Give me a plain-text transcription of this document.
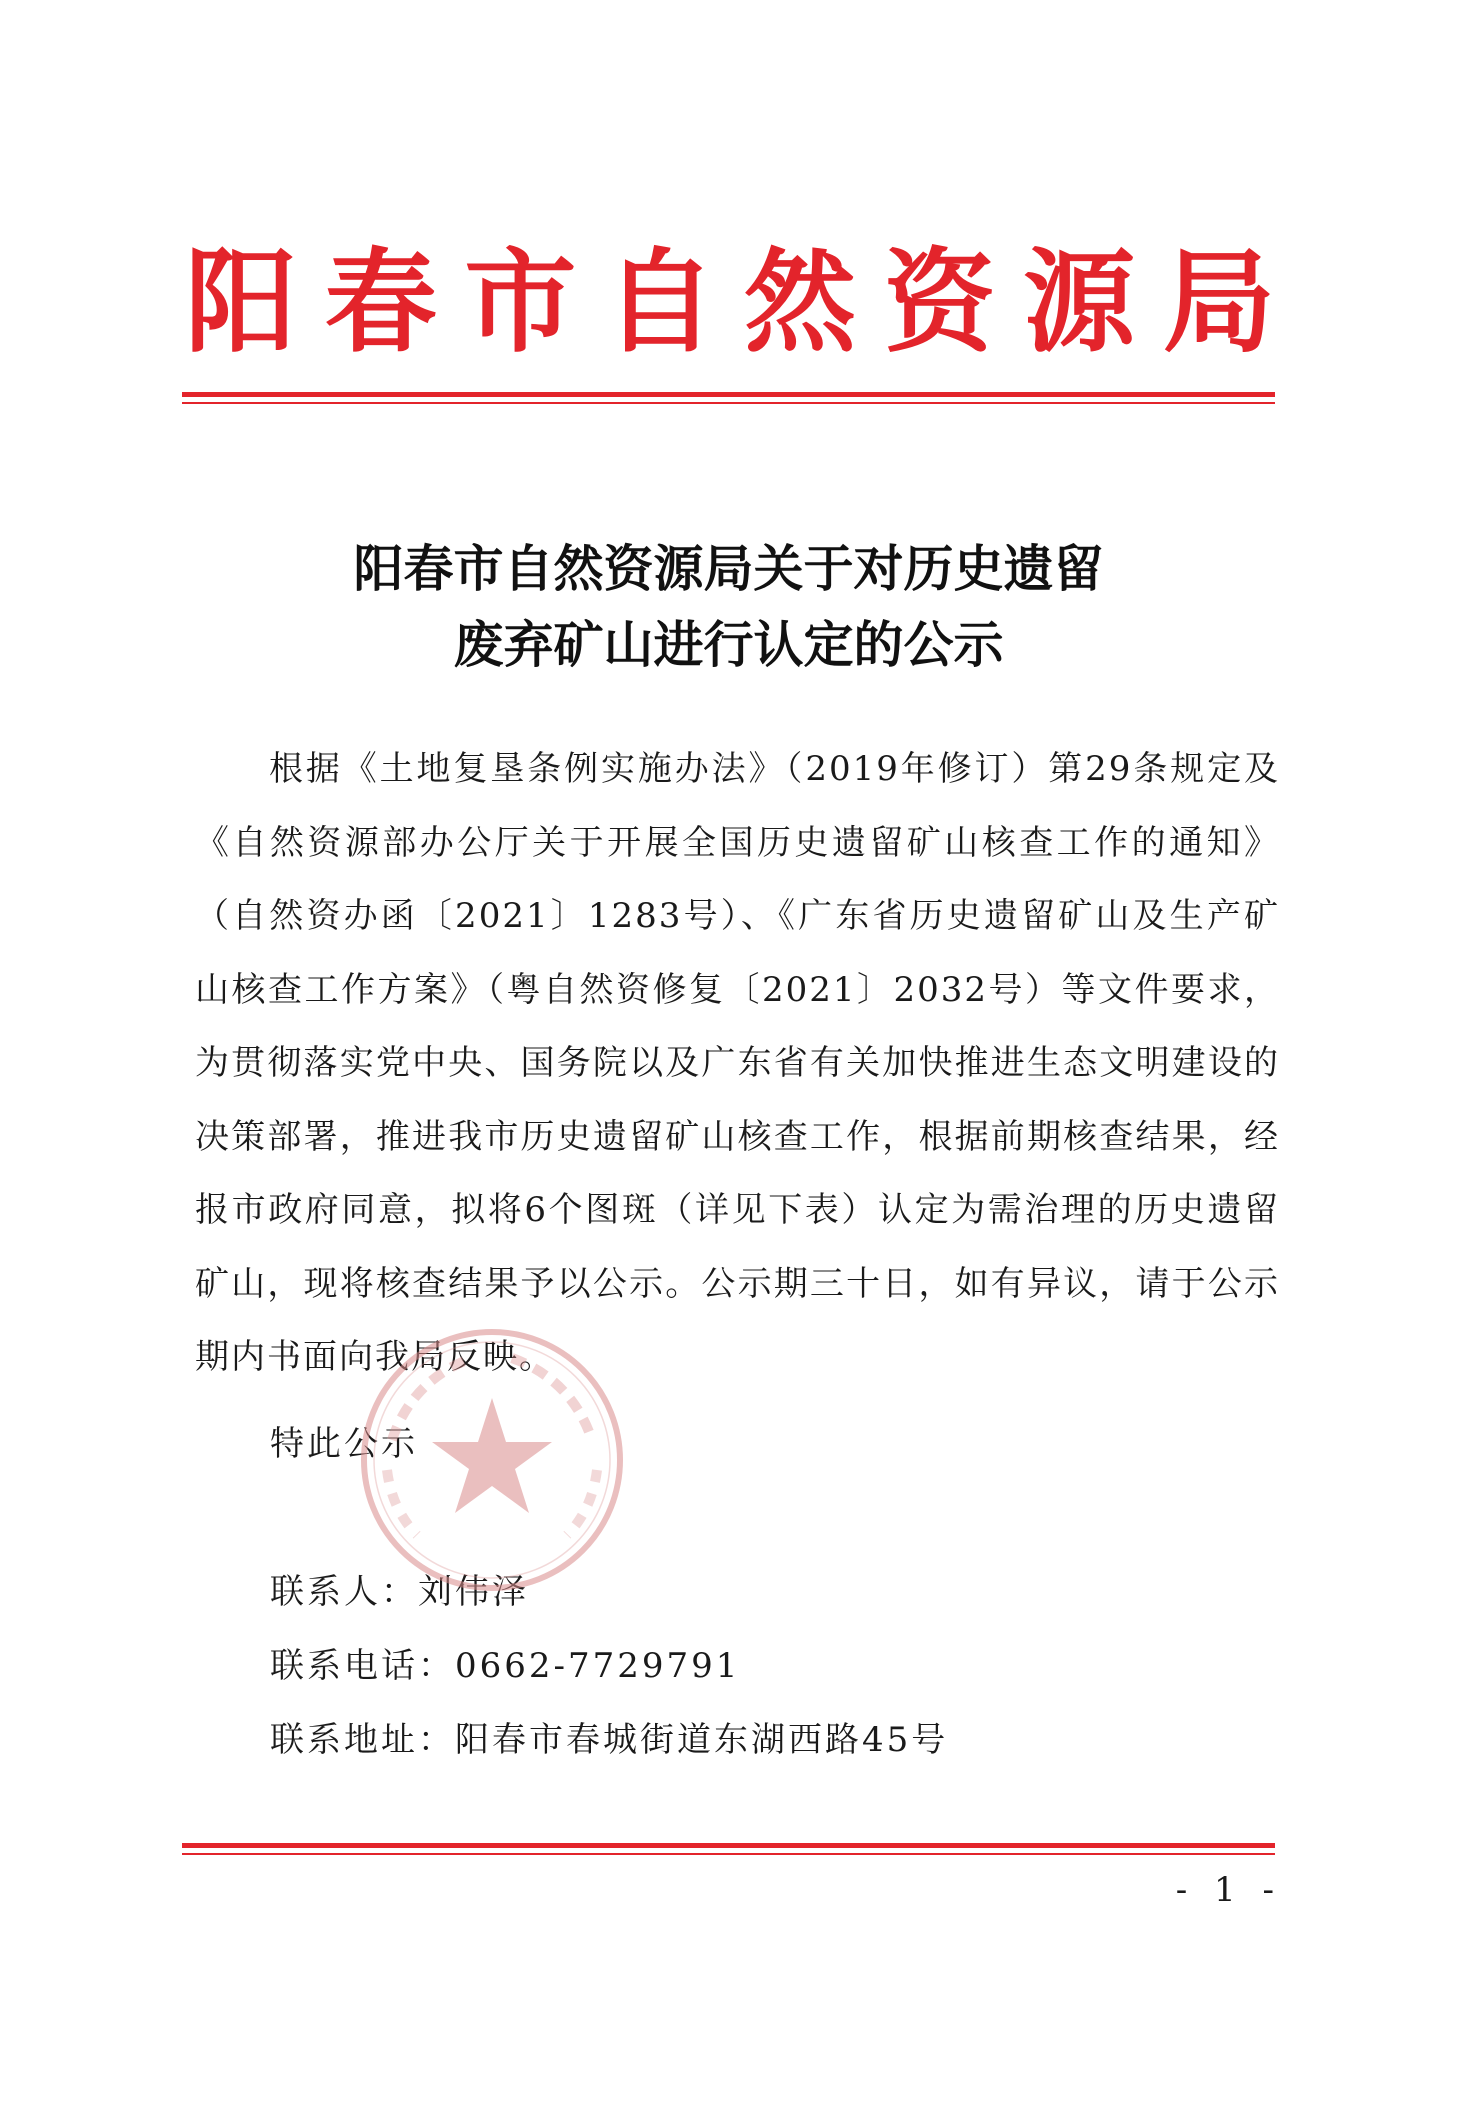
阳 春 市 自 然 资 源 局
阳春市自然资源局关于对历史遗留
废弃矿山进行认定的公示
根据《土地复垦条例实施办法》（2019年修订）第29条规定及《自然资源部办公厅关于开展全国历史遗留矿山核查工作的通知》（自然资办函〔2021〕1283号）、《广东省历史遗留矿山及生产矿山核查工作方案》（粤自然资修复〔2021〕2032号）等文件要求，为贯彻落实党中央、国务院以及广东省有关加快推进生态文明建设的决策部署，推进我市历史遗留矿山核查工作，根据前期核查结果，经报市政府同意，拟将6个图斑（详见下表）认定为需治理的历史遗留矿山，现将核查结果予以公示。公示期三十日，如有异议，请于公示期内书面向我局反映。
特此公示
联系人：刘伟泽
联系电话：0662-7729791
联系地址：阳春市春城街道东湖西路45号
- 1 -
